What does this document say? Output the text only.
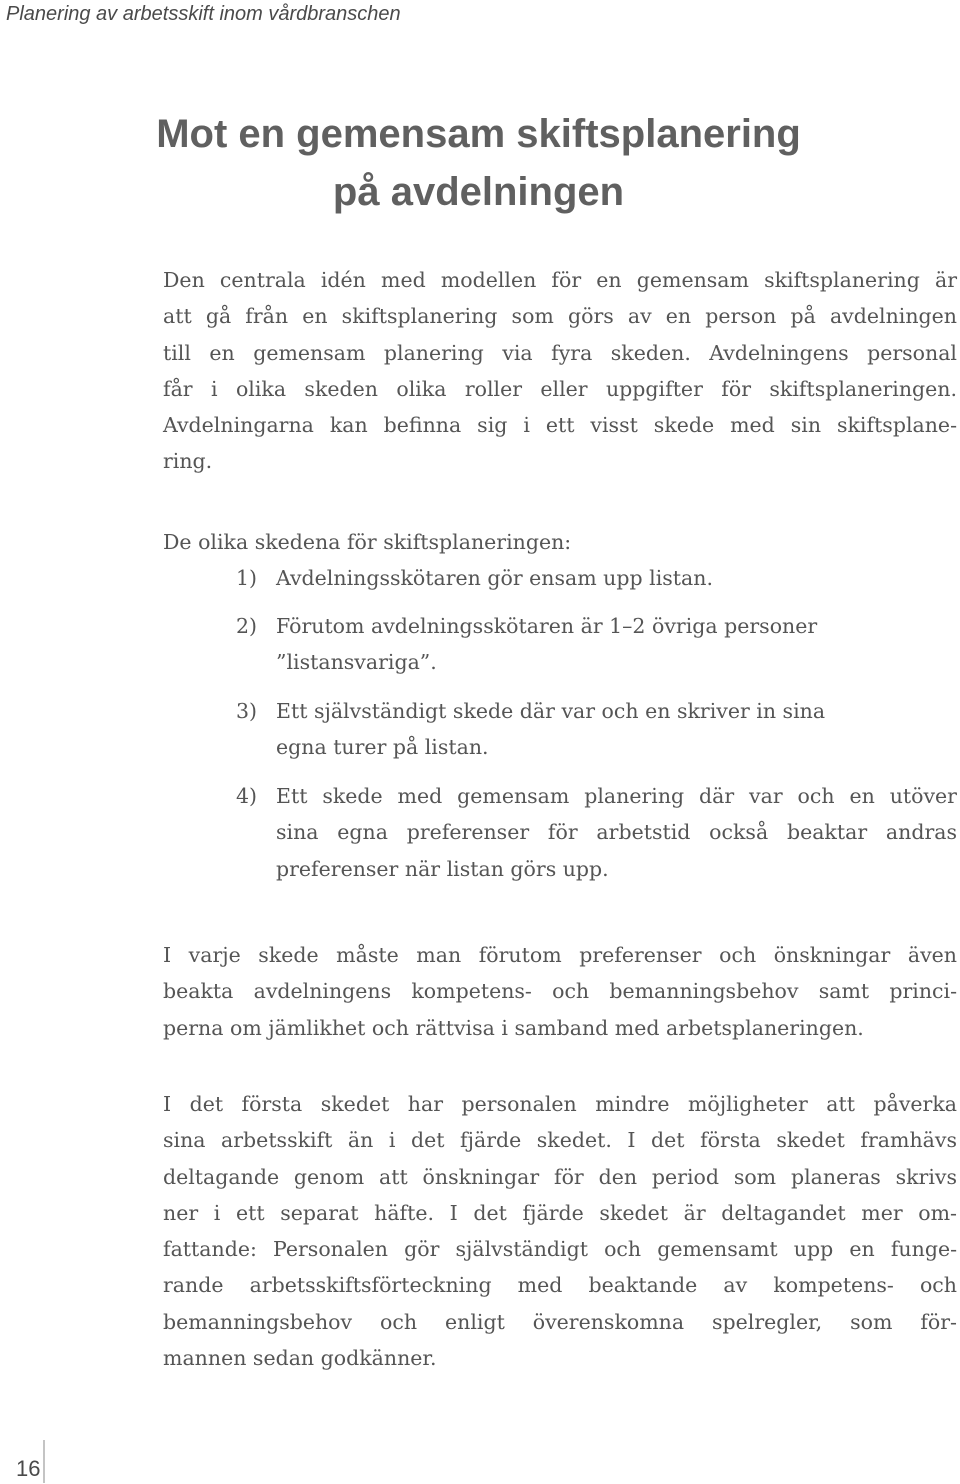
Planering av arbetsskift inom vårdbranschen
Mot en gemensam skiftsplanering
på avdelningen

Den centrala idén med modellen för en gemensam skiftsplanering är
att gå från en skiftsplanering som görs av en person på avdelningen
till en gemensam planering via fyra skeden. Avdelningens personal
får i olika skeden olika roller eller uppgifter för skiftsplaneringen.
Avdelningarna kan befinna sig i ett visst skede med sin skiftsplane-
ring.

De olika skedena för skiftsplaneringen:

1) Avdelningsskötaren gör ensam upp listan.
2) Förutom avdelningsskötaren är 1–2 övriga personer
”listansvariga”.
3) Ett självständigt skede där var och en skriver in sina
egna turer på listan.
4) Ett skede med gemensam planering där var och en utöver
sina egna preferenser för arbetstid också beaktar andras
preferenser när listan görs upp.

I varje skede måste man förutom preferenser och önskningar även
beakta avdelningens kompetens- och bemanningsbehov samt princi-
perna om jämlikhet och rättvisa i samband med arbetsplaneringen.

I det första skedet har personalen mindre möjligheter att påverka
sina arbetsskift än i det fjärde skedet. I det första skedet framhävs
deltagande genom att önskningar för den period som planeras skrivs
ner i ett separat häfte. I det fjärde skedet är deltagandet mer om-
fattande: Personalen gör självständigt och gemensamt upp en funge-
rande arbetsskiftsförteckning med beaktande av kompetens- och
bemanningsbehov och enligt överenskomna spelregler, som för-
mannen sedan godkänner.

16
